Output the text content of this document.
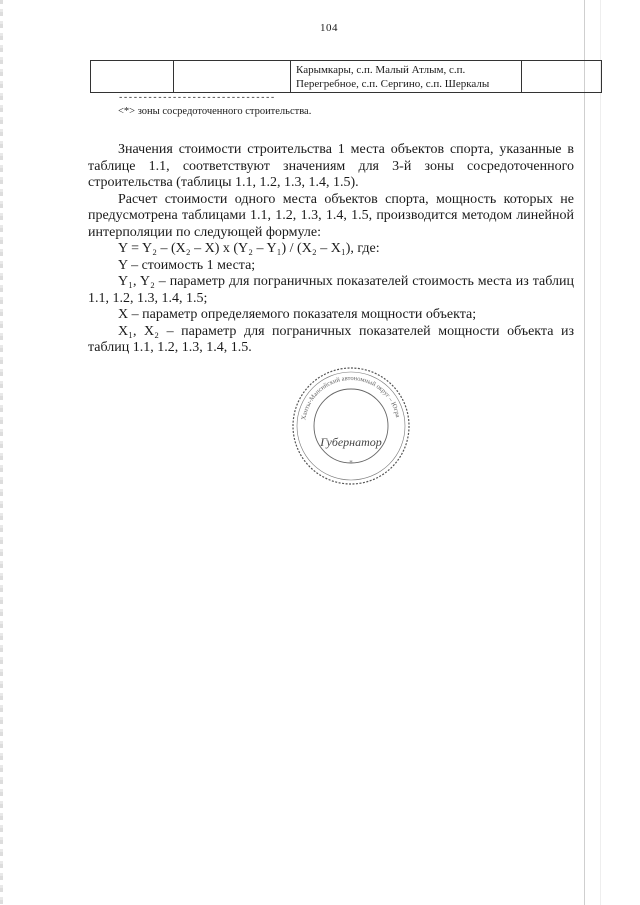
104
Карымкары, с.п. Малый Атлым, с.п. Перегребное, с.п. Сергино, с.п. Шеркалы
--------------------------------
<*> зоны сосредоточенного строительства.

Значения стоимости строительства 1 места объектов спорта, указанные в таблице 1.1, соответствуют значениям для 3-й зоны сосредоточенного строительства (таблицы 1.1, 1.2, 1.3, 1.4, 1.5).

Расчет стоимости одного места объектов спорта, мощность которых не предусмотрена таблицами 1.1, 1.2, 1.3, 1.4, 1.5, производится методом линейной интерполяции по следующей формуле:

Y = Y₂ – (X₂ – X) x (Y₂ – Y₁) / (X₂ – X₁), где:

Y – стоимость 1 места;

Y₁, Y₂ – параметр для пограничных показателей стоимость места из таблиц 1.1, 1.2, 1.3, 1.4, 1.5;

X – параметр определяемого показателя мощности объекта;

X₁, X₂ – параметр для пограничных показателей мощности объекта из таблиц 1.1, 1.2, 1.3, 1.4, 1.5.

Ханты-Мансийский автономный округ – Югра
Губернатор
*
